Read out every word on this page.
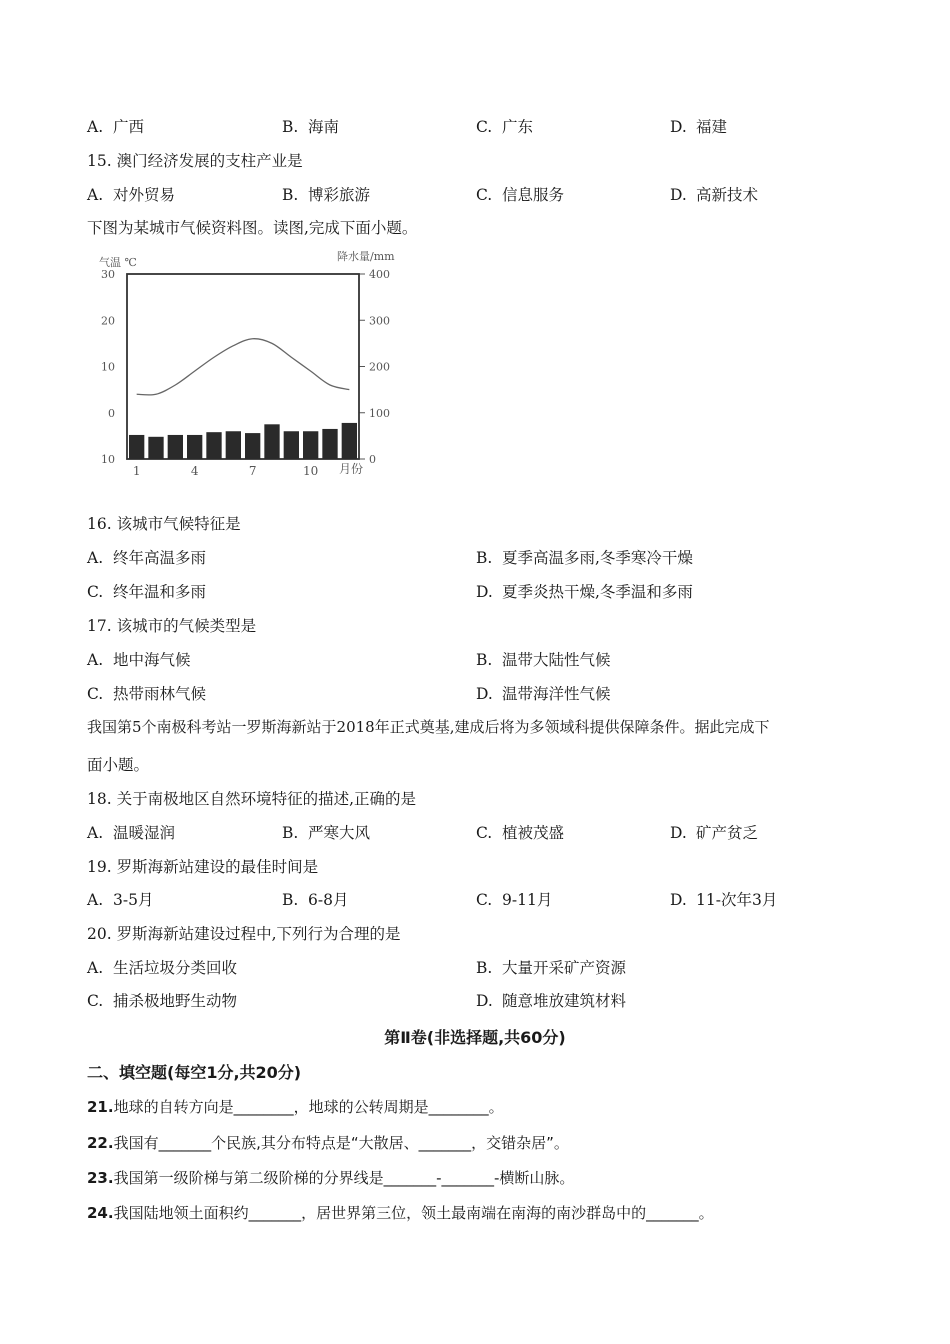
A. 广西	B. 海南	C. 广东	D. 福建
15. 澳门经济发展的支柱产业是
A. 对外贸易	B. 博彩旅游	C. 信息服务	D. 高新技术
下图为某城市气候资料图。读图,完成下面小题。
气温 ℃	降水量/mm
30
20
10
0
10
400
300
200
100
0
1	4	7	10 月份
16. 该城市气候特征是
A. 终年高温多雨	B. 夏季高温多雨,冬季寒冷干燥
C. 终年温和多雨	D. 夏季炎热干燥,冬季温和多雨
17. 该城市的气候类型是
A. 地中海气候	B. 温带大陆性气候
C. 热带雨林气候	D. 温带海洋性气候
我国第5个南极科考站一罗斯海新站于2018年正式奠基,建成后将为多领域科提供保障条件。据此完成下
面小题。
18. 关于南极地区自然环境特征的描述,正确的是
A. 温暖湿润	B. 严寒大风	C. 植被茂盛	D. 矿产贫乏
19. 罗斯海新站建设的最佳时间是
A. 3-5月	B. 6-8月	C. 9-11月	D. 11-次年3月
20. 罗斯海新站建设过程中,下列行为合理的是
A. 生活垃圾分类回收	B. 大量开采矿产资源
C. 捕杀极地野生动物	D. 随意堆放建筑材料
第Ⅱ卷(非选择题,共60分)
二、填空题(每空1分,共20分)
21.地球的自转方向是________，地球的公转周期是________。
22.我国有_______个民族,其分布特点是“大散居、_______，交错杂居”。
23.我国第一级阶梯与第二级阶梯的分界线是_______-_______-横断山脉。
24.我国陆地领土面积约_______，居世界第三位，领土最南端在南海的南沙群岛中的_______。
